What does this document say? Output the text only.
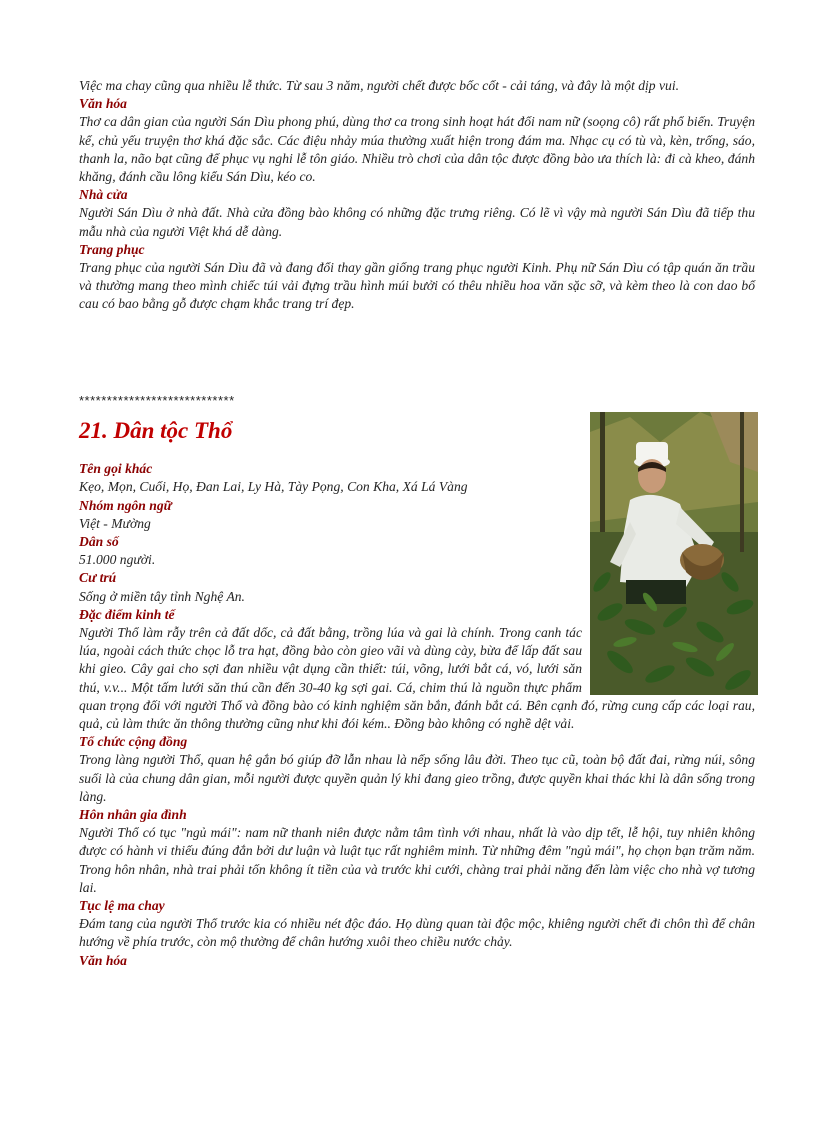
Việc ma chay cũng qua nhiều lễ thức. Từ sau 3 năm, người chết được bốc cốt - cải táng, và đây là một dịp vui.

Văn hóa

Thơ ca dân gian của người Sán Dìu phong phú, dùng thơ ca trong sinh hoạt hát đối nam nữ (soọng cô) rất phổ biến. Truyện kể, chủ yếu truyện thơ khá đặc sắc. Các điệu nhảy múa thường xuất hiện trong đám ma. Nhạc cụ có tù và, kèn, trống, sáo, thanh la, não bạt cũng để phục vụ nghi lễ tôn giáo. Nhiều trò chơi của dân tộc được đồng bào ưa thích là: đi cà kheo, đánh khăng, đánh cầu lông kiểu Sán Dìu, kéo co.

Nhà cửa

Người Sán Dìu ở nhà đất. Nhà cửa đồng bào không có những đặc trưng riêng. Có lẽ vì vậy mà người Sán Dìu đã tiếp thu mẫu nhà của người Việt khá dễ dàng.

Trang phục

Trang phục của người Sán Dìu đã và đang đổi thay gần giống trang phục người Kinh. Phụ nữ Sán Dìu có tập quán ăn trầu và thường mang theo mình chiếc túi vải đựng trầu hình múi bưởi có thêu nhiều hoa văn sặc sỡ, và kèm theo là con dao bổ cau có bao bằng gỗ được chạm khắc trang trí đẹp.

****************************
21. Dân tộc Thổ
Tên gọi khác

Kẹo, Mọn, Cuối, Họ, Đan Lai, Ly Hà, Tày Pọng, Con Kha, Xá Lá Vàng

Nhóm ngôn ngữ

Việt - Mường

Dân số

51.000 người.

Cư trú

Sống ở miền tây tỉnh Nghệ An.

Đặc điểm kinh tế

Người Thổ làm rẫy trên cả đất dốc, cả đất bằng, trồng lúa và gai là chính. Trong canh tác lúa, ngoài cách thức chọc lỗ tra hạt, đồng bào còn gieo vãi và dùng cày, bừa để lấp đất sau khi gieo. Cây gai cho sợi đan nhiều vật dụng cần thiết: túi, võng, lưới bắt cá, vó, lưới săn thú, v.v... Một tấm lưới săn thú cần đến 30-40 kg sợi gai. Cá, chim thú là nguồn thực phẩm quan trọng đối với người Thổ và đồng bào có kinh nghiệm săn bắn, đánh bắt cá. Bên cạnh đó, rừng cung cấp các loại rau, quả, củ làm thức ăn thông thường cũng như khi đói kém.. Đồng bào không có nghề dệt vải.

Tổ chức cộng đồng

Trong làng người Thổ, quan hệ gắn bó giúp đỡ lẫn nhau là nếp sống lâu đời. Theo tục cũ, toàn bộ đất đai, rừng núi, sông suối là của chung dân gian, mỗi người được quyền quản lý khi đang gieo trồng, được quyền khai thác khi là dân sống trong làng.

Hôn nhân gia đình

Người Thổ có tục "ngủ mái": nam nữ thanh niên được nằm tâm tình với nhau, nhất là vào dịp tết, lễ hội, tuy nhiên không được có hành vi thiếu đúng đắn bởi dư luận và luật tục rất nghiêm minh. Từ những đêm "ngủ mái", họ chọn bạn trăm năm. Trong hôn nhân, nhà trai phải tốn không ít tiền của và trước khi cưới, chàng trai phải năng đến làm việc cho nhà vợ tương lai.

Tục lệ ma chay

Đám tang của người Thổ trước kia có nhiều nét độc đáo. Họ dùng quan tài độc mộc, khiêng người chết đi chôn thì để chân hướng về phía trước, còn mộ thường để chân hướng xuôi theo chiều nước chảy.

Văn hóa
